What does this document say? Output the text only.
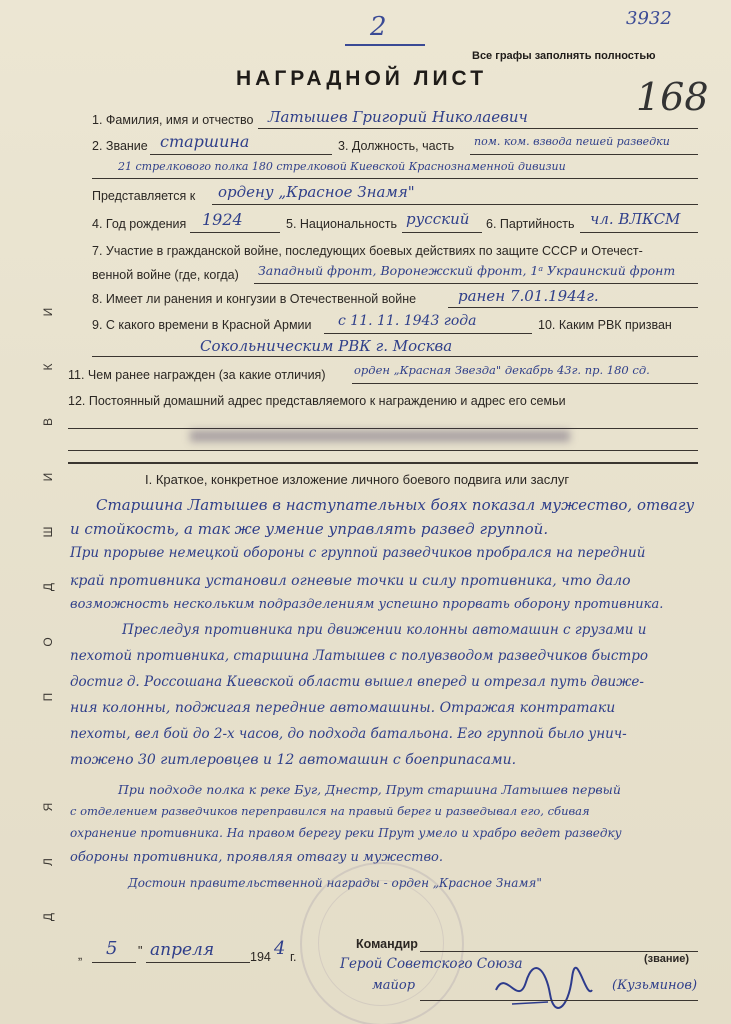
3932
2
Все графы заполнять полностью
168
НАГРАДНОЙ ЛИСТ
1. Фамилия, имя и отчество Латышев Григорий Николаевич
2. Звание старшина	3. Должность, часть пом. ком. взвода пешей разведки
21 стрелкового полка 180 стрелковой Киевской Краснознаменной дивизии
Представляется к ордену „Красное Знамя"
4. Год рождения 1924	5. Национальность русский 6. Партийность чл. ВЛКСМ
7. Участие в гражданской войне, последующих боевых действиях по защите СССР и Отечест-
венной войне (где, когда) Западный фронт, Воронежский фронт, 1ᵃ Украинский фронт
8. Имеет ли ранения и конгузии в Отечественной войне	ранен 7.01.1944г.
9. С какого времени в Красной Армии с 11. 11. 1943 года	10. Каким РВК призван
Сокольническим РВК г. Москва
11. Чем ранее награжден (за какие отличия) орден „Красная Звезда" декабрь 43г. пр. 180 сд.
12. Постоянный домашний адрес представляемого к награждению и адрес его семьи
I. Краткое, конкретное изложение личного боевого подвига или заслуг
Д
Л
Я
П
О
Д
Ш
И
В
К
И
Старшина Латышев в наступательных боях показал мужество, отвагу
и стойкость, а так же умение управлять развед группой.
При прорыве немецкой обороны с группой разведчиков пробрался на передний
край противника установил огневые точки и силу противника, что дало
возможность нескольким подразделениям успешно прорвать оборону противника.
Преследуя противника при движении колонны автомашин с грузами и
пехотой противника, старшина Латышев с полувзводом разведчиков быстро
достиг д. Россошана Киевской области вышел вперед и отрезал путь движе-
ния колонны, поджигая передние автомашины. Отражая контратаки
пехоты, вел бой до 2-х часов, до подхода батальона. Его группой было унич-
тожено 30 гитлеровцев и 12 автомашин с боеприпасами.
При подходе полка к реке Буг, Днестр, Прут старшина Латышев первый
с отделением разведчиков переправился на правый берег и разведывал его, сбивая
охранение противника. На правом берегу реки Прут умело и храбро ведет разведку
обороны противника, проявляя отвагу и мужество.
Достоин правительственной награды - орден „Красное Знамя"
„ 5 " апреля	194 4 г.
Командир
(звание)
Герой Советского Союза
майор	(Кузьминов)
